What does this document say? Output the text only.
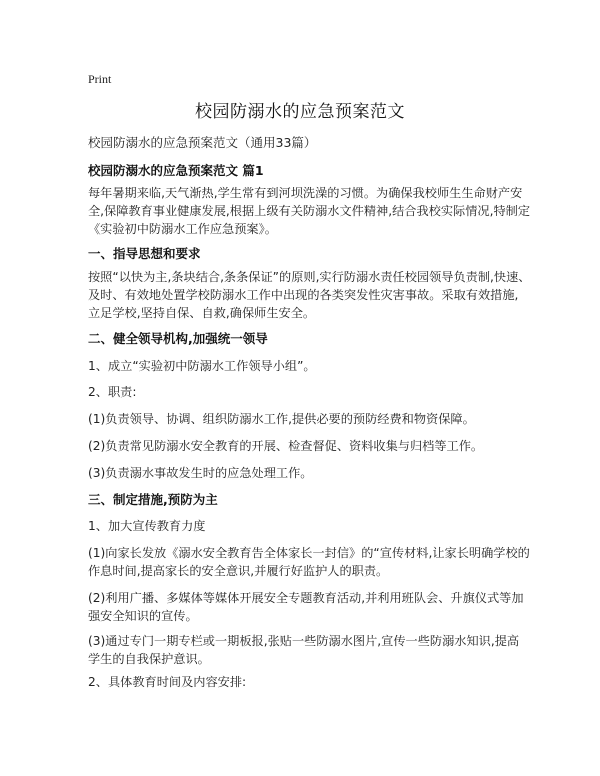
Print
校园防溺水的应急预案范文
校园防溺水的应急预案范文（通用33篇）
校园防溺水的应急预案范文 篇1
每年暑期来临,天气渐热,学生常有到河坝洗澡的习惯。为确保我校师生生命财产安
全,保障教育事业健康发展,根据上级有关防溺水文件精神,结合我校实际情况,特制定
《实验初中防溺水工作应急预案》。
一、指导思想和要求
按照“以快为主,条块结合,条条保证”的原则,实行防溺水责任校园领导负责制,快速、
及时、有效地处置学校防溺水工作中出现的各类突发性灾害事故。采取有效措施,
立足学校,坚持自保、自救,确保师生安全。
二、健全领导机构,加强统一领导
1、成立“实验初中防溺水工作领导小组”。
2、职责:
(1)负责领导、协调、组织防溺水工作,提供必要的预防经费和物资保障。
(2)负责常见防溺水安全教育的开展、检查督促、资料收集与归档等工作。
(3)负责溺水事故发生时的应急处理工作。
三、制定措施,预防为主
1、加大宣传教育力度
(1)向家长发放《溺水安全教育告全体家长一封信》的“宣传材料,让家长明确学校的
作息时间,提高家长的安全意识,并履行好监护人的职责。
(2)利用广播、多媒体等媒体开展安全专题教育活动,并利用班队会、升旗仪式等加
强安全知识的宣传。
(3)通过专门一期专栏或一期板报,张贴一些防溺水图片,宣传一些防溺水知识,提高
学生的自我保护意识。
2、具体教育时间及内容安排:
